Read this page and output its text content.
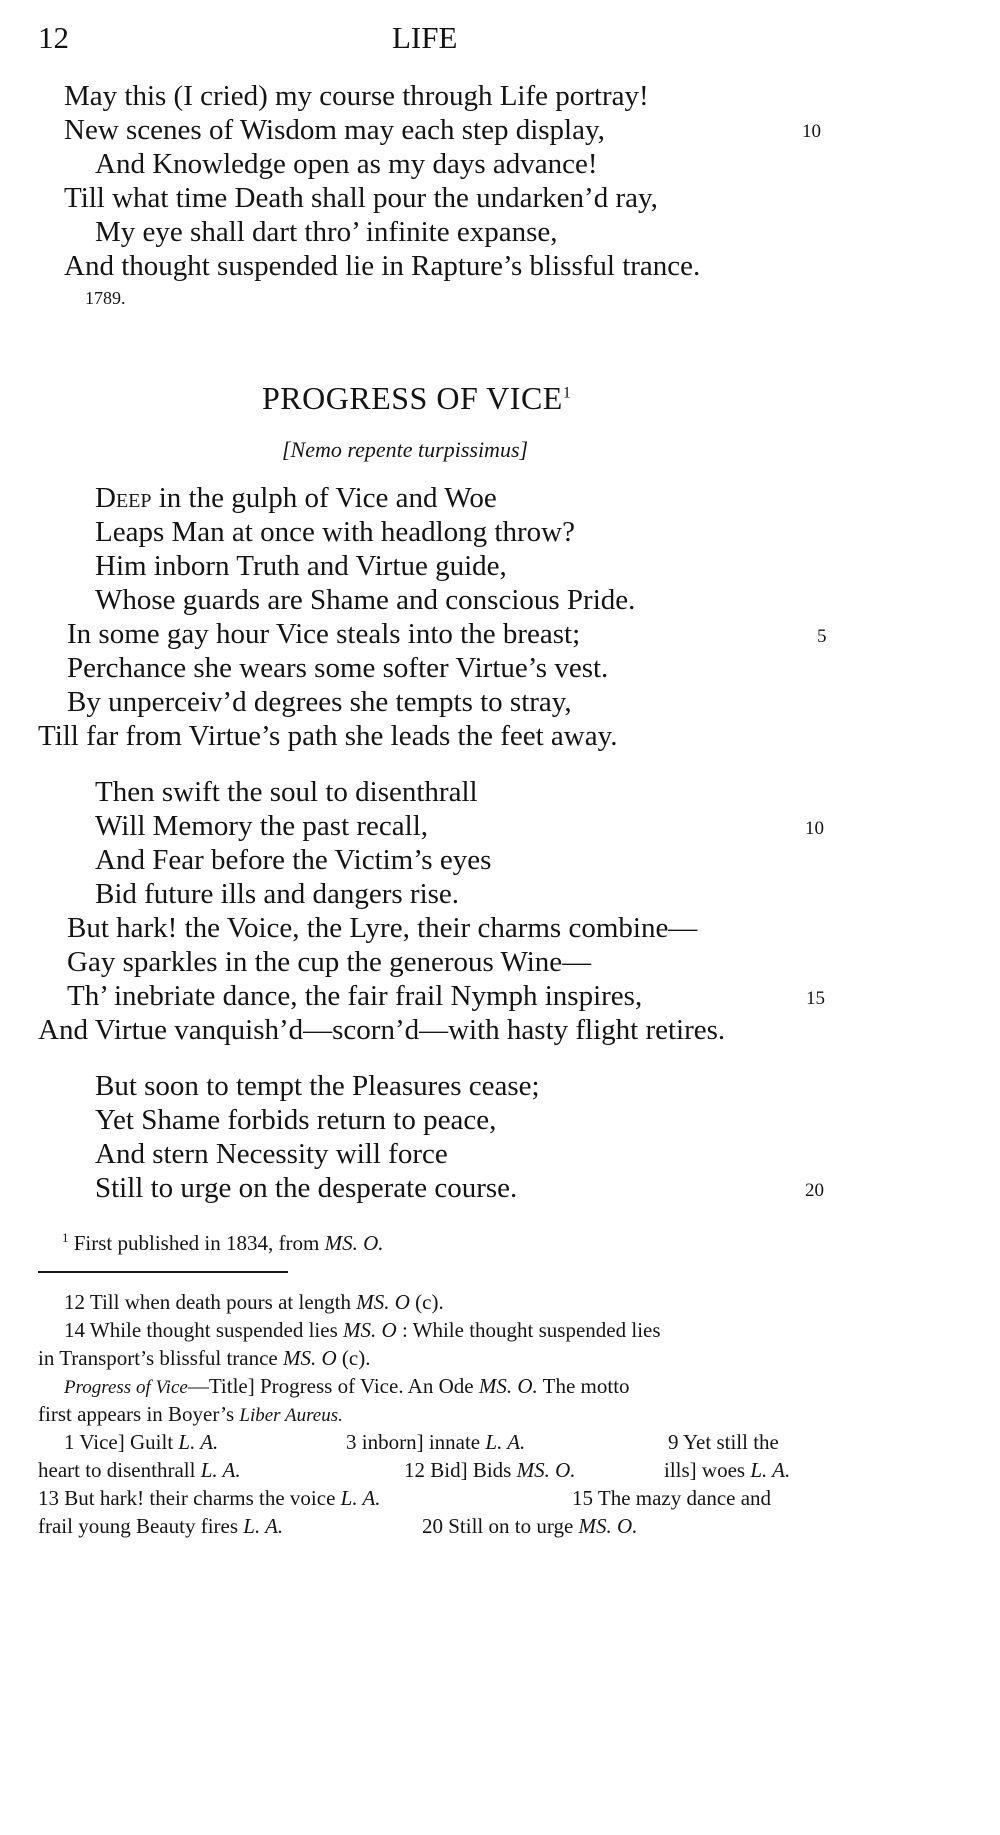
12	LIFE
May this (I cried) my course through Life portray!
New scenes of Wisdom may each step display,	10
And Knowledge open as my days advance!
Till what time Death shall pour the undarken’d ray,
My eye shall dart thro’ infinite expanse,
And thought suspended lie in Rapture’s blissful trance.
1789.
PROGRESS OF VICE$^1$
[Nemo repente turpissimus]
Deep in the gulph of Vice and Woe
Leaps Man at once with headlong throw?
Him inborn Truth and Virtue guide,
Whose guards are Shame and conscious Pride.
In some gay hour Vice steals into the breast;	5
Perchance she wears some softer Virtue’s vest.
By unperceiv’d degrees she tempts to stray,
Till far from Virtue’s path she leads the feet away.
Then swift the soul to disenthrall
Will Memory the past recall,	10
And Fear before the Victim’s eyes
Bid future ills and dangers rise.
But hark! the Voice, the Lyre, their charms combine—
Gay sparkles in the cup the generous Wine—
Th’ inebriate dance, the fair frail Nymph inspires,	15
And Virtue vanquish’d—scorn’d—with hasty flight retires.
But soon to tempt the Pleasures cease;
Yet Shame forbids return to peace,
And stern Necessity will force
Still to urge on the desperate course.	20
$^1$ First published in 1834, from MS. O.
12 Till when death pours at length MS. O (c).
14 While thought suspended lies MS. O : While thought suspended lies
in Transport’s blissful trance MS. O (c).
Progress of Vice—Title] Progress of Vice. An Ode MS. O. The motto
first appears in Boyer’s Liber Aureus.
1 Vice] Guilt L. A.	3 inborn] innate L. A.	9 Yet still the
heart to disenthrall L. A.	12 Bid] Bids MS. O.	ills] woes L. A.
13 But hark! their charms the voice L. A.	15 The mazy dance and
frail young Beauty fires L. A.	20 Still on to urge MS. O.
